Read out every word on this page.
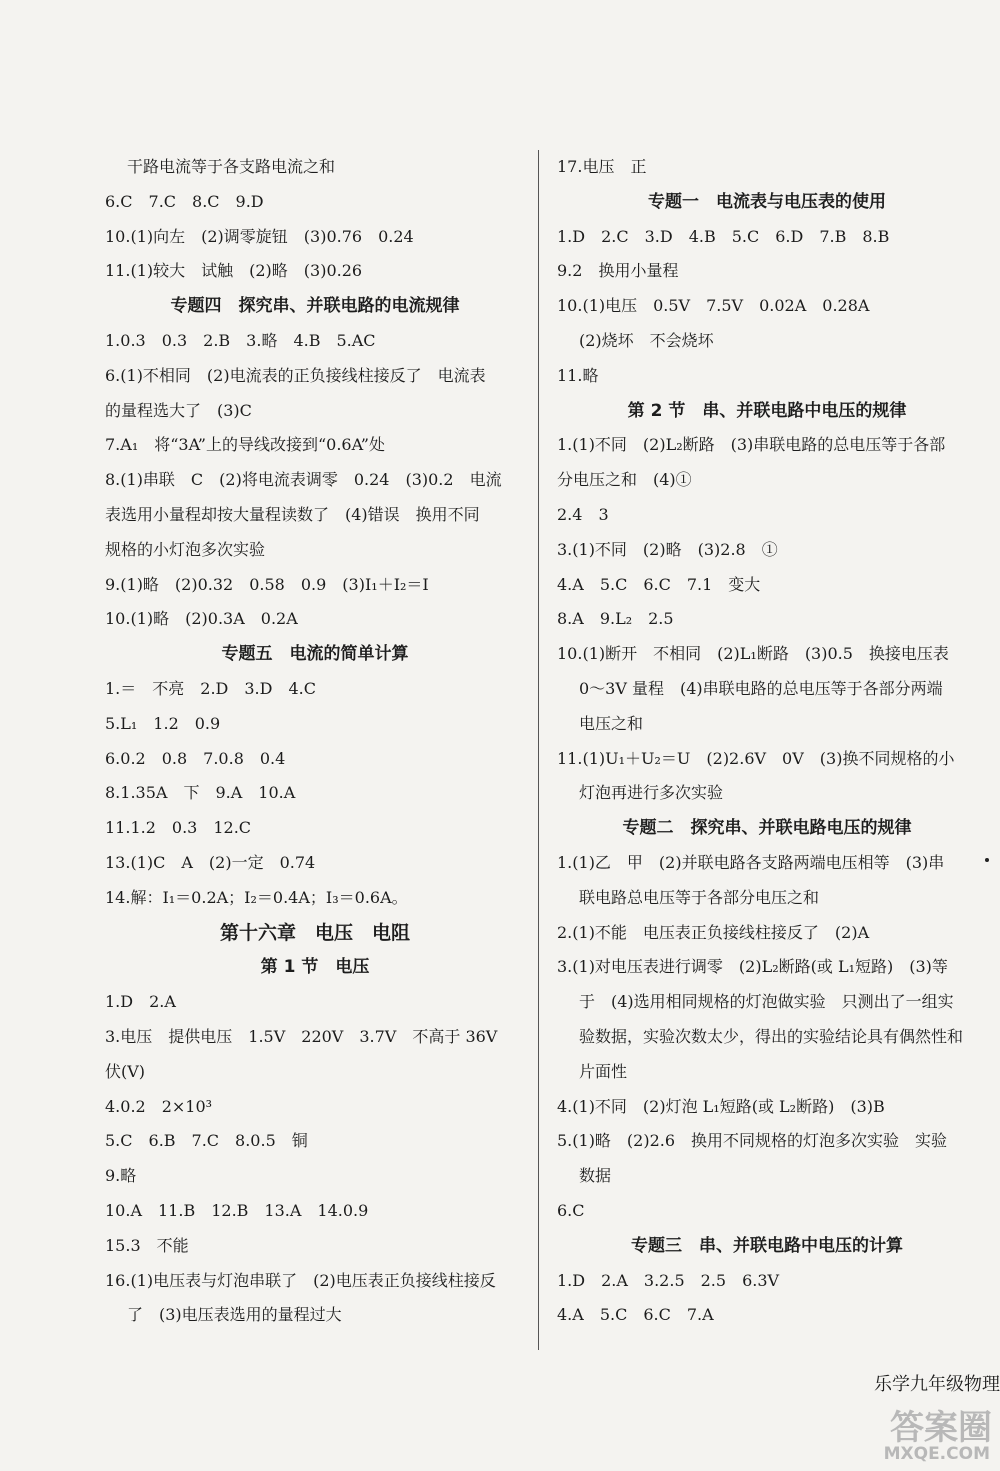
干路电流等于各支路电流之和
6.C　7.C　8.C　9.D
10.(1)向左　(2)调零旋钮　(3)0.76　0.24
11.(1)较大　试触　(2)略　(3)0.26
专题四　探究串、并联电路的电流规律
1.0.3　0.3　2.B　3.略　4.B　5.AC
6.(1)不相同　(2)电流表的正负接线柱接反了　电流表
的量程选大了　(3)C
7.A₁　将“3A”上的导线改接到“0.6A”处
8.(1)串联　C　(2)将电流表调零　0.24　(3)0.2　电流
表选用小量程却按大量程读数了　(4)错误　换用不同
规格的小灯泡多次实验
9.(1)略　(2)0.32　0.58　0.9　(3)I₁＋I₂＝I
10.(1)略　(2)0.3A　0.2A
专题五　电流的简单计算
1.＝　不亮　2.D　3.D　4.C
5.L₁　1.2　0.9
6.0.2　0.8　7.0.8　0.4
8.1.35A　下　9.A　10.A
11.1.2　0.3　12.C
13.(1)C　A　(2)一定　0.74
14.解：I₁＝0.2A；I₂＝0.4A；I₃＝0.6A。
第十六章　电压　电阻
第 1 节　电压
1.D　2.A
3.电压　提供电压　1.5V　220V　3.7V　不高于 36V
伏(V)
4.0.2　2×10³
5.C　6.B　7.C　8.0.5　铜
9.略
10.A　11.B　12.B　13.A　14.0.9
15.3　不能
16.(1)电压表与灯泡串联了　(2)电压表正负接线柱接反
了　(3)电压表选用的量程过大
17.电压　正
专题一　电流表与电压表的使用
1.D　2.C　3.D　4.B　5.C　6.D　7.B　8.B
9.2　换用小量程
10.(1)电压　0.5V　7.5V　0.02A　0.28A
(2)烧坏　不会烧坏
11.略
第 2 节　串、并联电路中电压的规律
1.(1)不同　(2)L₂断路　(3)串联电路的总电压等于各部
分电压之和　(4)①
2.4　3
3.(1)不同　(2)略　(3)2.8　①
4.A　5.C　6.C　7.1　变大
8.A　9.L₂　2.5
10.(1)断开　不相同　(2)L₁断路　(3)0.5　换接电压表
0～3V 量程　(4)串联电路的总电压等于各部分两端
电压之和
11.(1)U₁＋U₂＝U　(2)2.6V　0V　(3)换不同规格的小
灯泡再进行多次实验
专题二　探究串、并联电路电压的规律
1.(1)乙　甲　(2)并联电路各支路两端电压相等　(3)串
联电路总电压等于各部分电压之和
2.(1)不能　电压表正负接线柱接反了　(2)A
3.(1)对电压表进行调零　(2)L₂断路(或 L₁短路)　(3)等
于　(4)选用相同规格的灯泡做实验　只测出了一组实
验数据，实验次数太少，得出的实验结论具有偶然性和
片面性
4.(1)不同　(2)灯泡 L₁短路(或 L₂断路)　(3)B
5.(1)略　(2)2.6　换用不同规格的灯泡多次实验　实验
数据
6.C
专题三　串、并联电路中电压的计算
1.D　2.A　3.2.5　2.5　6.3V
4.A　5.C　6.C　7.A
乐学九年级物理
答案圈
MXQE.COM
